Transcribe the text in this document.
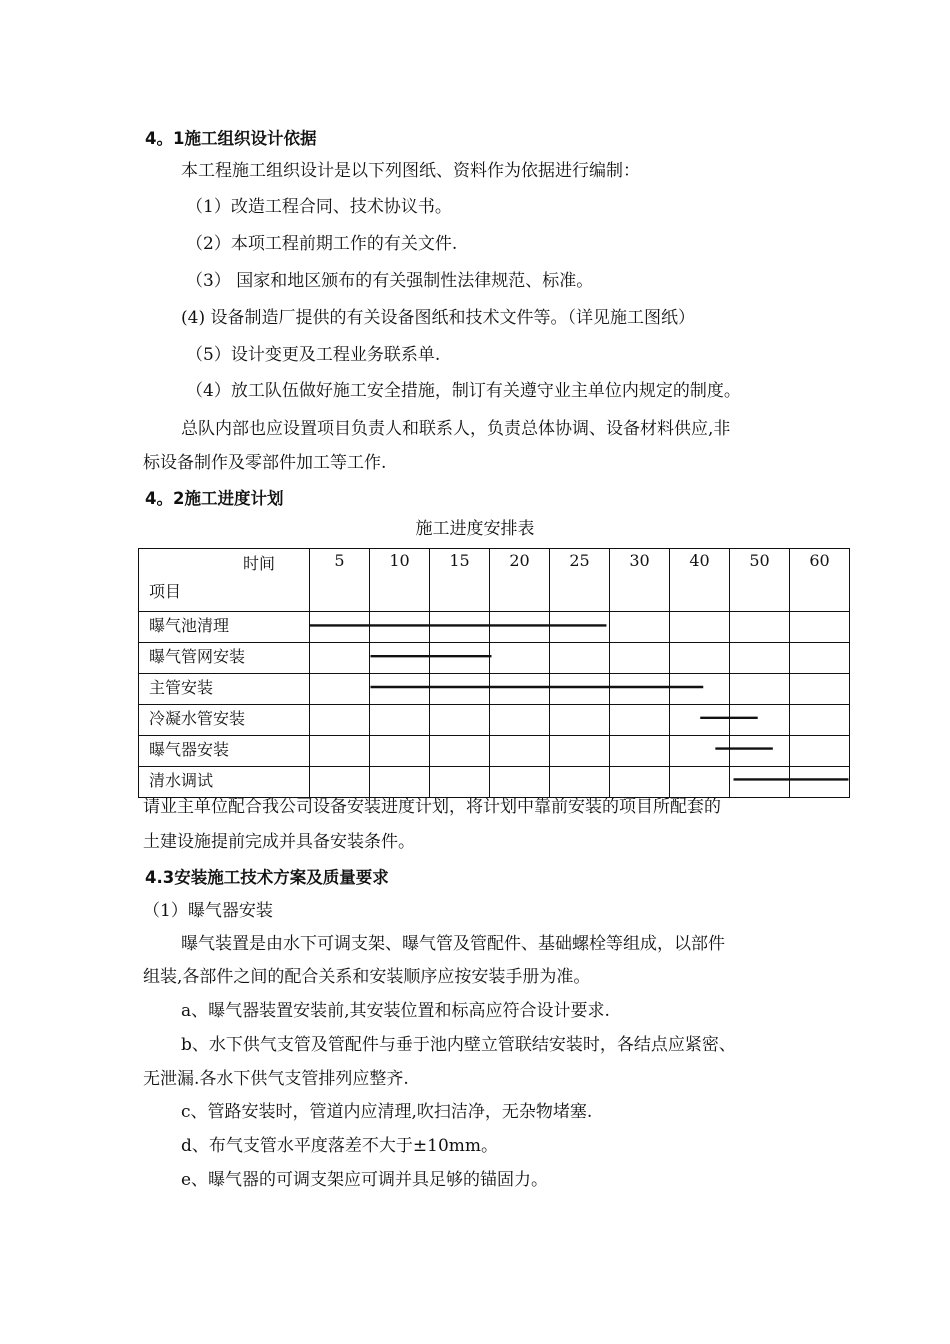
4。1施工组织设计依据
本工程施工组织设计是以下列图纸、资料作为依据进行编制：
（1）改造工程合同、技术协议书。
（2）本项工程前期工作的有关文件.
（3） 国家和地区颁布的有关强制性法律规范、标准。
(4) 设备制造厂提供的有关设备图纸和技术文件等。（详见施工图纸）
（5）设计变更及工程业务联系单.
（4）放工队伍做好施工安全措施，制订有关遵守业主单位内规定的制度。
总队内部也应设置项目负责人和联系人，负责总体协调、设备材料供应,非
标设备制作及零部件加工等工作.
4。2施工进度计划
施工进度安排表
时间
项目	5	10	15	20	25	30	40	50	60
曝气池清理									
曝气管网安装									
主管安装									
冷凝水管安装									
曝气器安装									
清水调试									
请业主单位配合我公司设备安装进度计划，将计划中靠前安装的项目所配套的
土建设施提前完成并具备安装条件。
4.3安装施工技术方案及质量要求
（1）曝气器安装
曝气装置是由水下可调支架、曝气管及管配件、基础螺栓等组成，以部件
组装,各部件之间的配合关系和安装顺序应按安装手册为准。
a、曝气器装置安装前,其安装位置和标高应符合设计要求.
b、水下供气支管及管配件与垂于池内壁立管联结安装时，各结点应紧密、
无泄漏.各水下供气支管排列应整齐.
c、管路安装时，管道内应清理,吹扫洁净，无杂物堵塞.
d、布气支管水平度落差不大于±10mm。
e、曝气器的可调支架应可调并具足够的锚固力。
